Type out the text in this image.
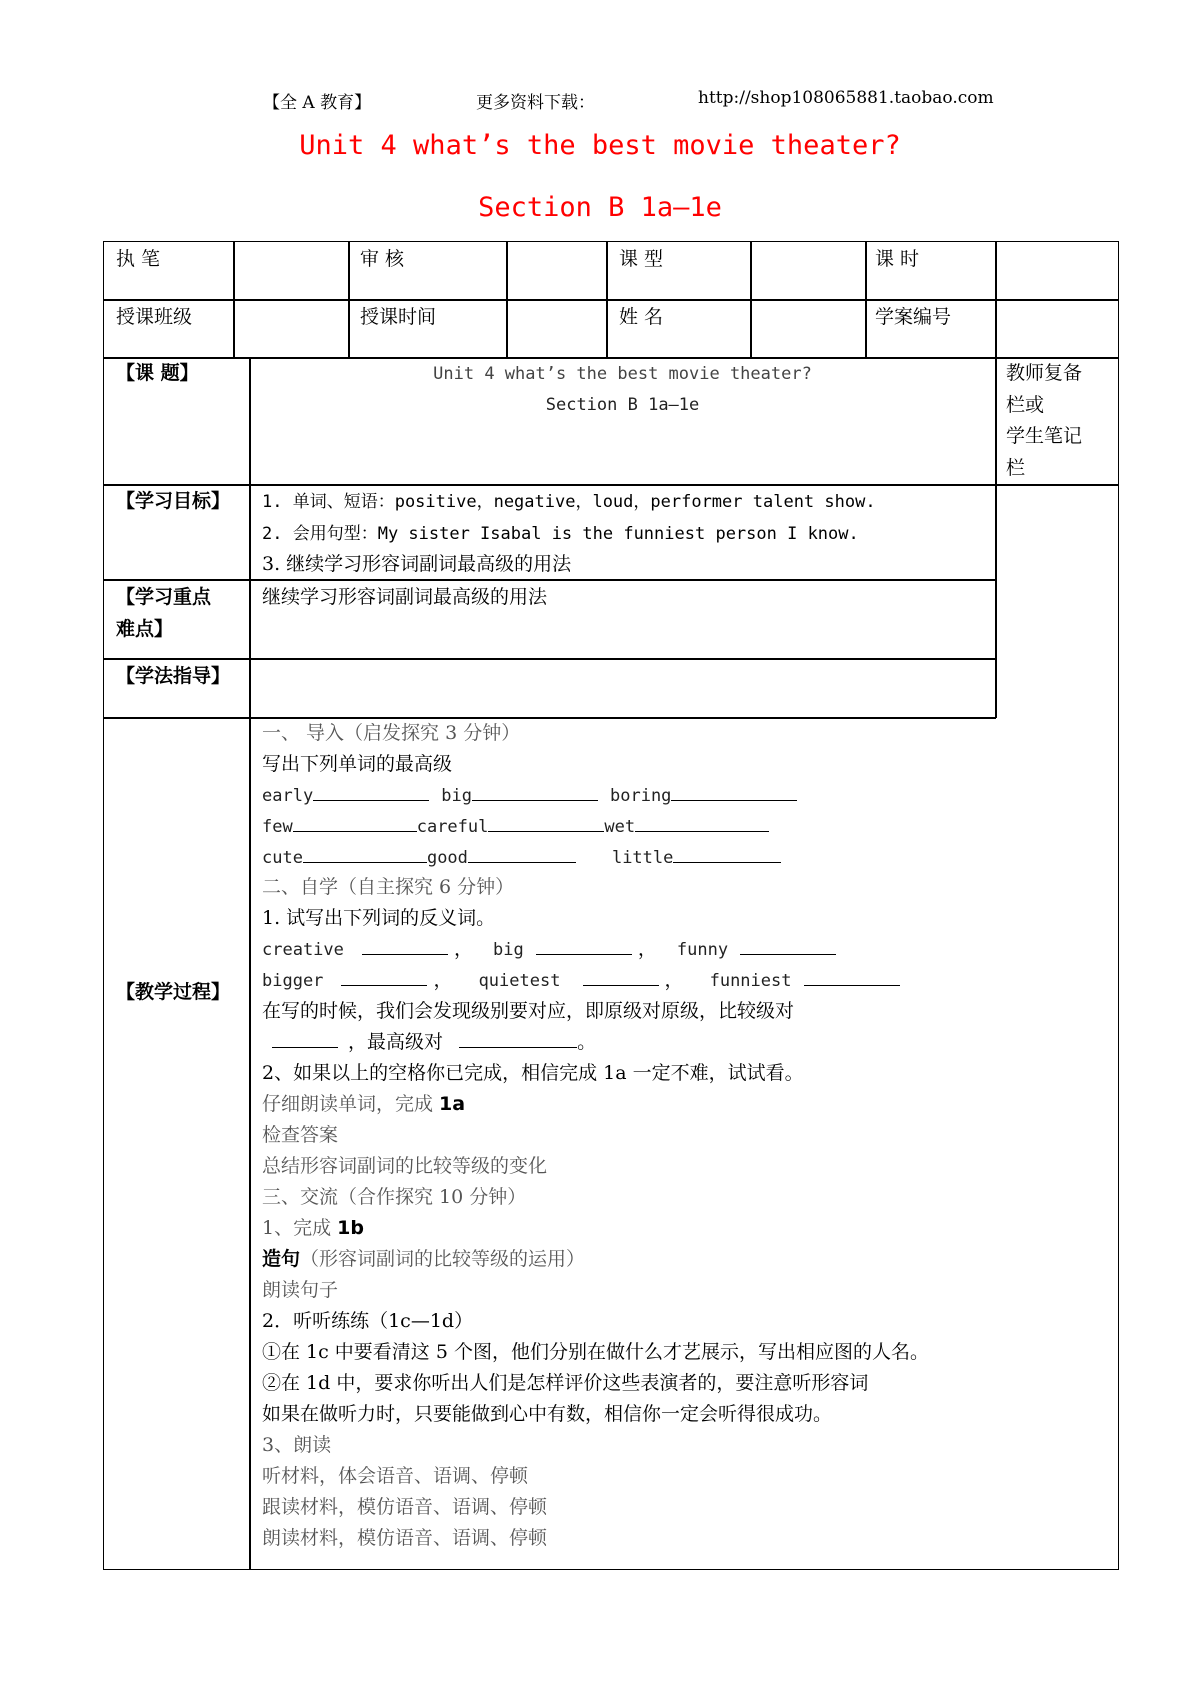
【全 A 教育】	更多资料下载：	http://shop108065881.taobao.com
Unit 4 what’s the best movie theater?
Section B 1a—1e
执 笔	审 核	课 型	课 时
授课班级	授课时间	姓 名	学案编号
【课 题】	Unit 4 what’s the best movie theater?
Section B 1a—1e
教师复备
栏或
学生笔记
栏
【学习目标】 1. 单词、短语：positive，negative，loud，performer talent show.
2. 会用句型：My sister Isabal is the funniest person I know.
3. 继续学习形容词副词最高级的用法
【学习重点
难点】
继续学习形容词副词最高级的用法
【学法指导】
【教学过程】
一、 导入（启发探究 3 分钟）
写出下列单词的最高级
early	big	boring
few	careful	wet
cute	good	little
二、自学（自主探究 6 分钟）
1. 试写出下列词的反义词。
creative	， big	， funny
bigger	， quietest	， funniest
在写的时候，我们会发现级别要对应，即原级对原级，比较级对
，最高级对	。
2、如果以上的空格你已完成，相信完成 1a 一定不难，试试看。
仔细朗读单词，完成 1a
检查答案
总结形容词副词的比较等级的变化
三、交流（合作探究 10 分钟）
1、完成 1b
造句（形容词副词的比较等级的运用）
朗读句子
2．听听练练（1c—1d）
①在 1c 中要看清这 5 个图，他们分别在做什么才艺展示，写出相应图的人名。
②在 1d 中，要求你听出人们是怎样评价这些表演者的，要注意听形容词
如果在做听力时，只要能做到心中有数，相信你一定会听得很成功。
3、朗读
听材料，体会语音、语调、停顿
跟读材料，模仿语音、语调、停顿
朗读材料，模仿语音、语调、停顿
